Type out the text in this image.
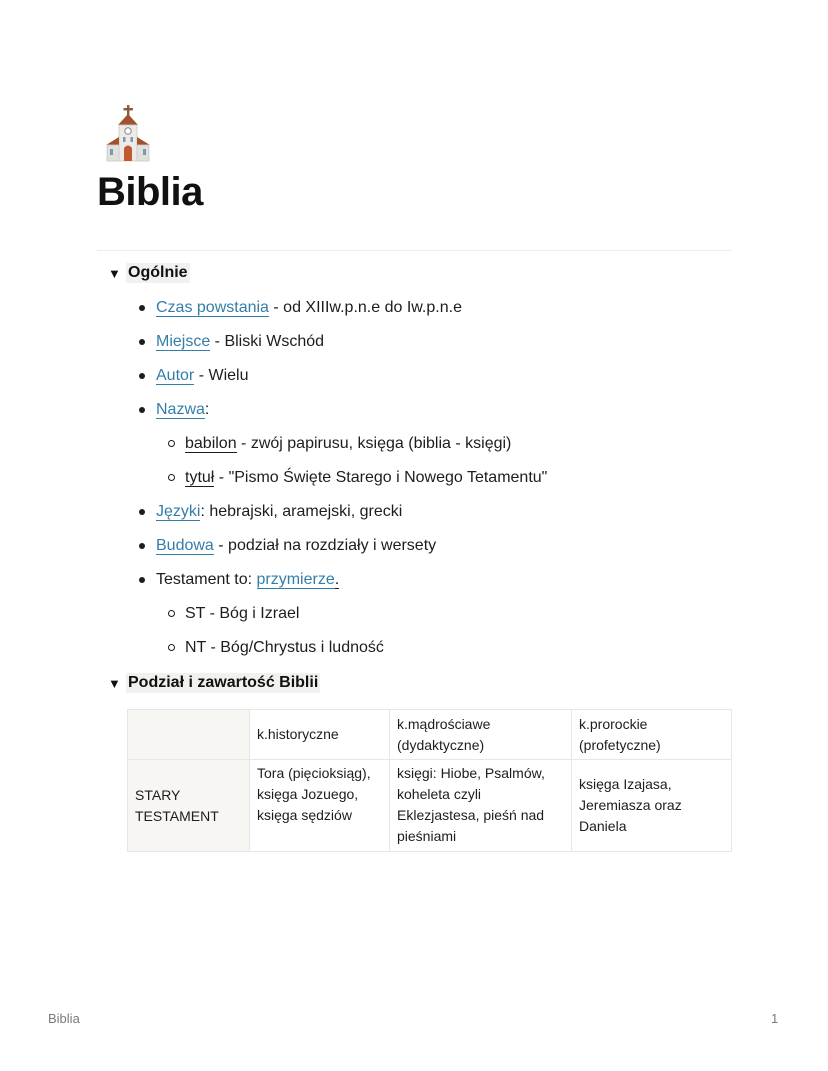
Biblia
▼ Ogólnie
Czas powstania - od XIIIw.p.n.e do Iw.p.n.e
Miejsce - Bliski Wschód
Autor - Wielu
Nazwa:
babilon - zwój papirusu, księga (biblia - księgi)
tytuł - "Pismo Święte Starego i Nowego Tetamentu"
Języki: hebrajski, aramejski, grecki
Budowa - podział na rozdziały i wersety
Testament to: przymierze.
ST - Bóg i Izrael
NT - Bóg/Chrystus i ludność
▼ Podział i zawartość Biblii
	k.historyczne	k.mądrościawe (dydaktyczne)	k.prorockie (profetyczne)
STARY TESTAMENT	Tora (pięcioksiąg), księga Jozuego, księga sędziów	księgi: Hiobe, Psalmów, koheleta czyli Eklezjastesa, pieśń nad pieśniami	księga Izajasa, Jeremiasza oraz Daniela
Biblia	1
